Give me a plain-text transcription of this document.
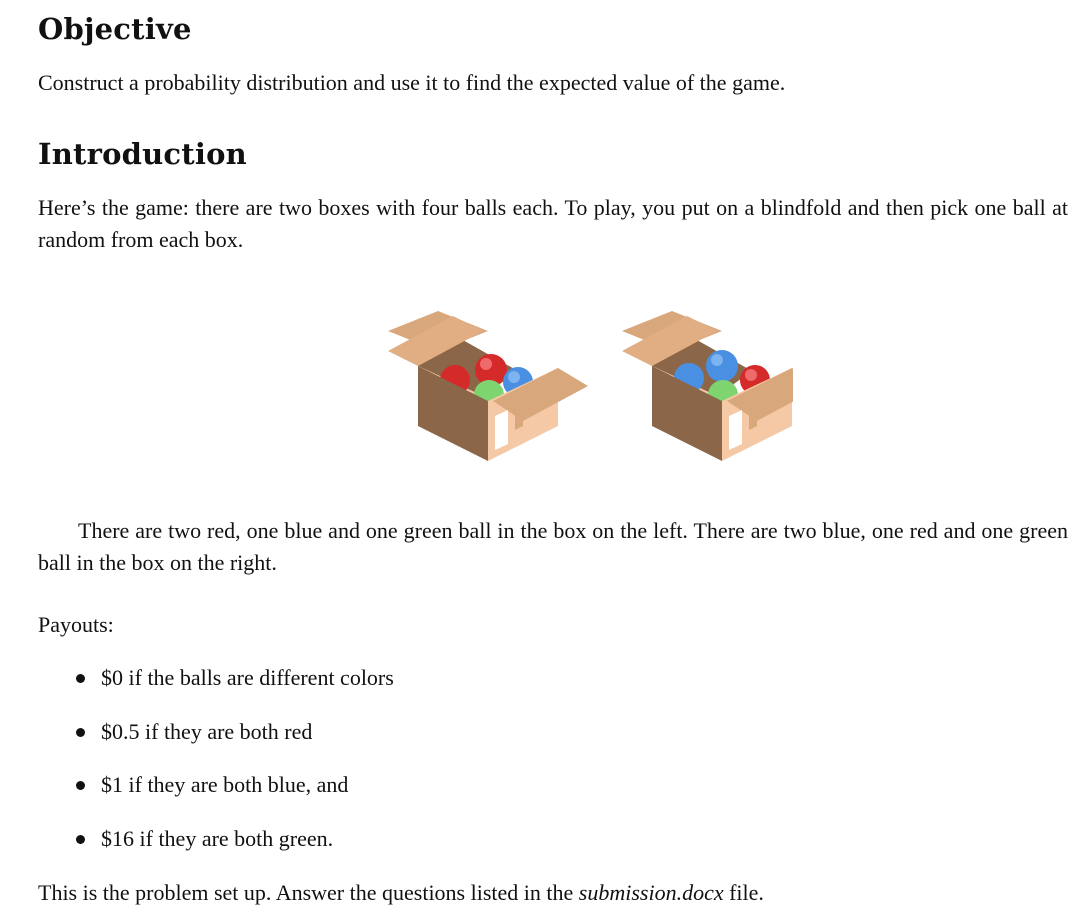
Objective

Construct a probability distribution and use it to find the expected value of the game.

Introduction

Here’s the game: there are two boxes with four balls each. To play, you put on a blindfold and then pick one ball at random from each box.

There are two red, one blue and one green ball in the box on the left. There are two blue, one red and one green ball in the box on the right.

Payouts:

$0 if the balls are different colors
$0.5 if they are both red
$1 if they are both blue, and
$16 if they are both green.

This is the problem set up. Answer the questions listed in the submission.docx file.
